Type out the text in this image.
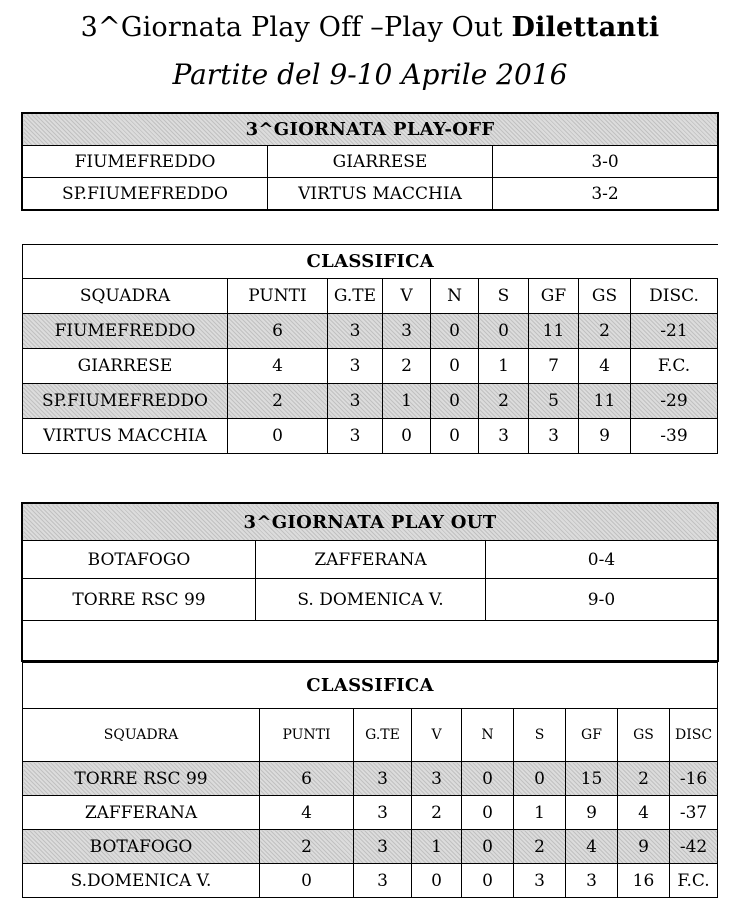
3^Giornata Play Off –Play Out Dilettanti
Partite del 9-10 Aprile 2016
3^GIORNATA PLAY-OFF		
FIUMEFREDDO	GIARRESE	3-0
SP.FIUMEFREDDO	VIRTUS MACCHIA	3-2
CLASSIFICA								
SQUADRA	PUNTI	G.TE	V	N	S	GF	GS	DISC.
FIUMEFREDDO	6	3	3	0	0	11	2	-21
GIARRESE	4	3	2	0	1	7	4	F.C.
SP.FIUMEFREDDO	2	3	1	0	2	5	11	-29
VIRTUS MACCHIA	0	3	0	0	3	3	9	-39
3^GIORNATA PLAY OUT		
BOTAFOGO	ZAFFERANA	0-4
TORRE RSC 99	S. DOMENICA V.	9-0

CLASSIFICA								
SQUADRA	PUNTI	G.TE	V	N	S	GF	GS	DISC
TORRE RSC 99	6	3	3	0	0	15	2	-16
ZAFFERANA	4	3	2	0	1	9	4	-37
BOTAFOGO	2	3	1	0	2	4	9	-42
S.DOMENICA V.	0	3	0	0	3	3	16	F.C.
